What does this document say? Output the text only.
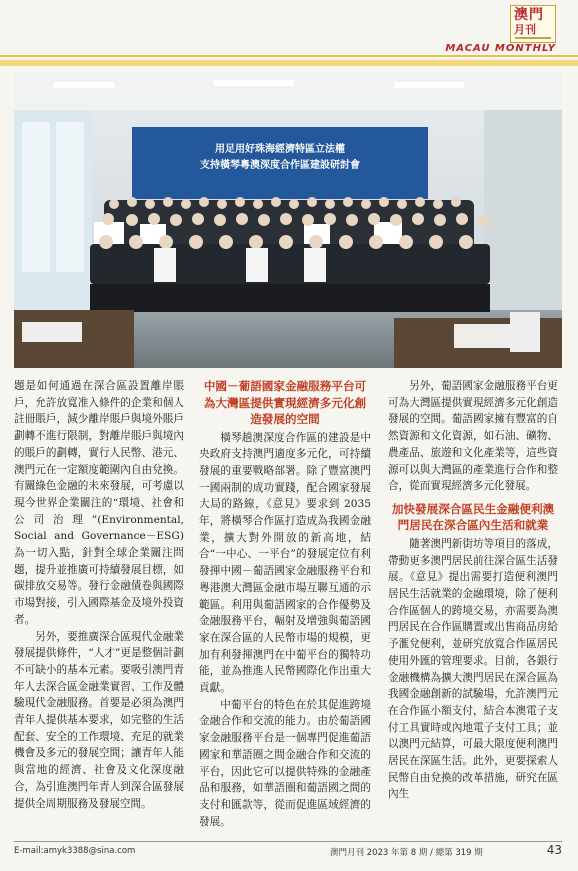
澳門
月刊
MACAU MONTHLY
用足用好珠海經濟特區立法權
支持橫琴粵澳深度合作區建設研討會

題是如何通過在深合區設置離岸賬戶，允許放寬准入條件的企業和個人註冊賬戶，減少離岸賬戶與境外賬戶劃轉不進行限制，對離岸賬戶與境內的賬戶的劃轉，實行人民幣、港元、澳門元在一定額度範圍內自由兌換。有關綠色金融的未來發展，可考慮以現今世界企業關注的“環境、社會和公司治理”(Environmental, Social and Governance－ESG) 為一切入點，針對全球企業關注問題，提升並推廣可持續發展目標，如碳排放交易等。發行金融債卷與國際市場對接，引入國際基金及境外投資者。

另外，要推廣深合區現代金融業發展提供條件，“人才”更是整個計劃不可缺小的基本元素。要吸引澳門青年人去深合區金融業實習、工作及體驗現代金融服務。首要是必須為澳門青年人提供基本要求，如完整的生活配套、安全的工作環境、充足的就業機會及多元的發展空間；讓青年人能與當地的經濟、社會及文化深度融合，為引進澳門年青人到深合區發展提供全周期服務及發展空間。

中國－葡語國家金融服務平台可為大灣區提供實現經濟多元化創造發展的空間

橫琴趟澳深度合作區的建設是中央政府支持澳門適度多元化，可持續發展的重要戰略部署。除了豐富澳門一國兩制的成功實踐，配合國家發展大局的路線，《意見》要求到 2035 年，將橫琴合作區打造成為我國金融業，擴大對外開放的新高地，結合“一中心、一平台”的發展定位有利發揮中國－葡語國家金融服務平台和粵港澳大灣區金融市場互聯互通的示範區。利用與葡語國家的合作優勢及金融服務平台，輻射及增強與葡語國家在深合區的人民幣市場的規模，更加有利發揮澳門在中葡平台的獨特功能，並為推進人民幣國際化作出重大貢獻。

中葡平台的特色在於其促進跨境金融合作和交流的能力。由於葡語國家金融服務平台是一個專門促進葡語國家和華語圈之間金融合作和交流的平台，因此它可以提供特殊的金融產品和服務，如華語圈和葡語國之間的支付和匯款等，從而促進區域經濟的發展。

另外，葡語國家金融服務平台更可為大灣區提供實現經濟多元化創造發展的空間。葡語國家擁有豐富的自然資源和文化資源，如石油、礦物、農產品、旅遊和文化產業等，這些資源可以與大灣區的產業進行合作和整合，從而實現經濟多元化發展。

加快發展深合區民生金融便利澳門居民在深合區內生活和就業

隨著澳門新街坊等項目的落成，帶動更多澳門居民前往深合區生活發展。《意見》提出需要打造便利澳門居民生活就業的金融環境，除了便利合作區個人的跨境交易，亦需要為澳門居民在合作區購置或出售商品房給予滙兌便利，並研究放寬合作區居民使用外匯的管理要求。目前，各銀行金融機構為擴大澳門居民在深合區為我國金融創新的試驗場，允許澳門元在合作區小額支付，結合本澳電子支付工具實時或內地電子支付工具；並以澳門元結算，可最大限度便利澳門居民在深區生活。此外，更要探索人民幣自由兌換的改革措施，研究在區內生

E-mail:amyk3388@sina.com	澳門月刊 2023 年第 8 期 / 總第 319 期	43
